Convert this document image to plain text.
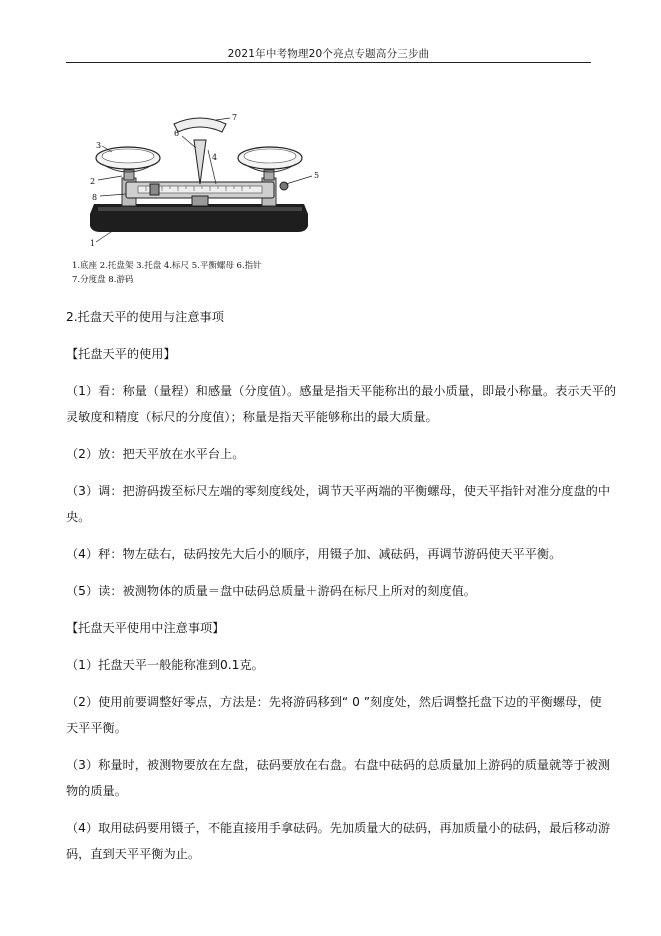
2021年中考物理20个亮点专题高分三步曲
3
2
8
1
5
6
7
4
1.底座 2.托盘架 3.托盘 4.标尺 5.平衡螺母 6.指针
7.分度盘 8.游码

2.托盘天平的使用与注意事项

【托盘天平的使用】

（1）看：称量（量程）和感量（分度值）。感量是指天平能称出的最小质量，即最小称量。表示天平的

灵敏度和精度（标尺的分度值）；称量是指天平能够称出的最大质量。

（2）放：把天平放在水平台上。

（3）调：把游码拨至标尺左端的零刻度线处，调节天平两端的平衡螺母，使天平指针对准分度盘的中

央。

（4）秤：物左砝右，砝码按先大后小的顺序，用镊子加、减砝码，再调节游码使天平平衡。

（5）读：被测物体的质量＝盘中砝码总质量＋游码在标尺上所对的刻度值。

【托盘天平使用中注意事项】

（1）托盘天平一般能称准到0.1克。

（2）使用前要调整好零点，方法是：先将游码移到“ 0 ”刻度处，然后调整托盘下边的平衡螺母，使

天平平衡。

（3）称量时，被测物要放在左盘，砝码要放在右盘。右盘中砝码的总质量加上游码的质量就等于被测

物的质量。

（4）取用砝码要用镊子，不能直接用手拿砝码。先加质量大的砝码，再加质量小的砝码，最后移动游

码，直到天平平衡为止。
